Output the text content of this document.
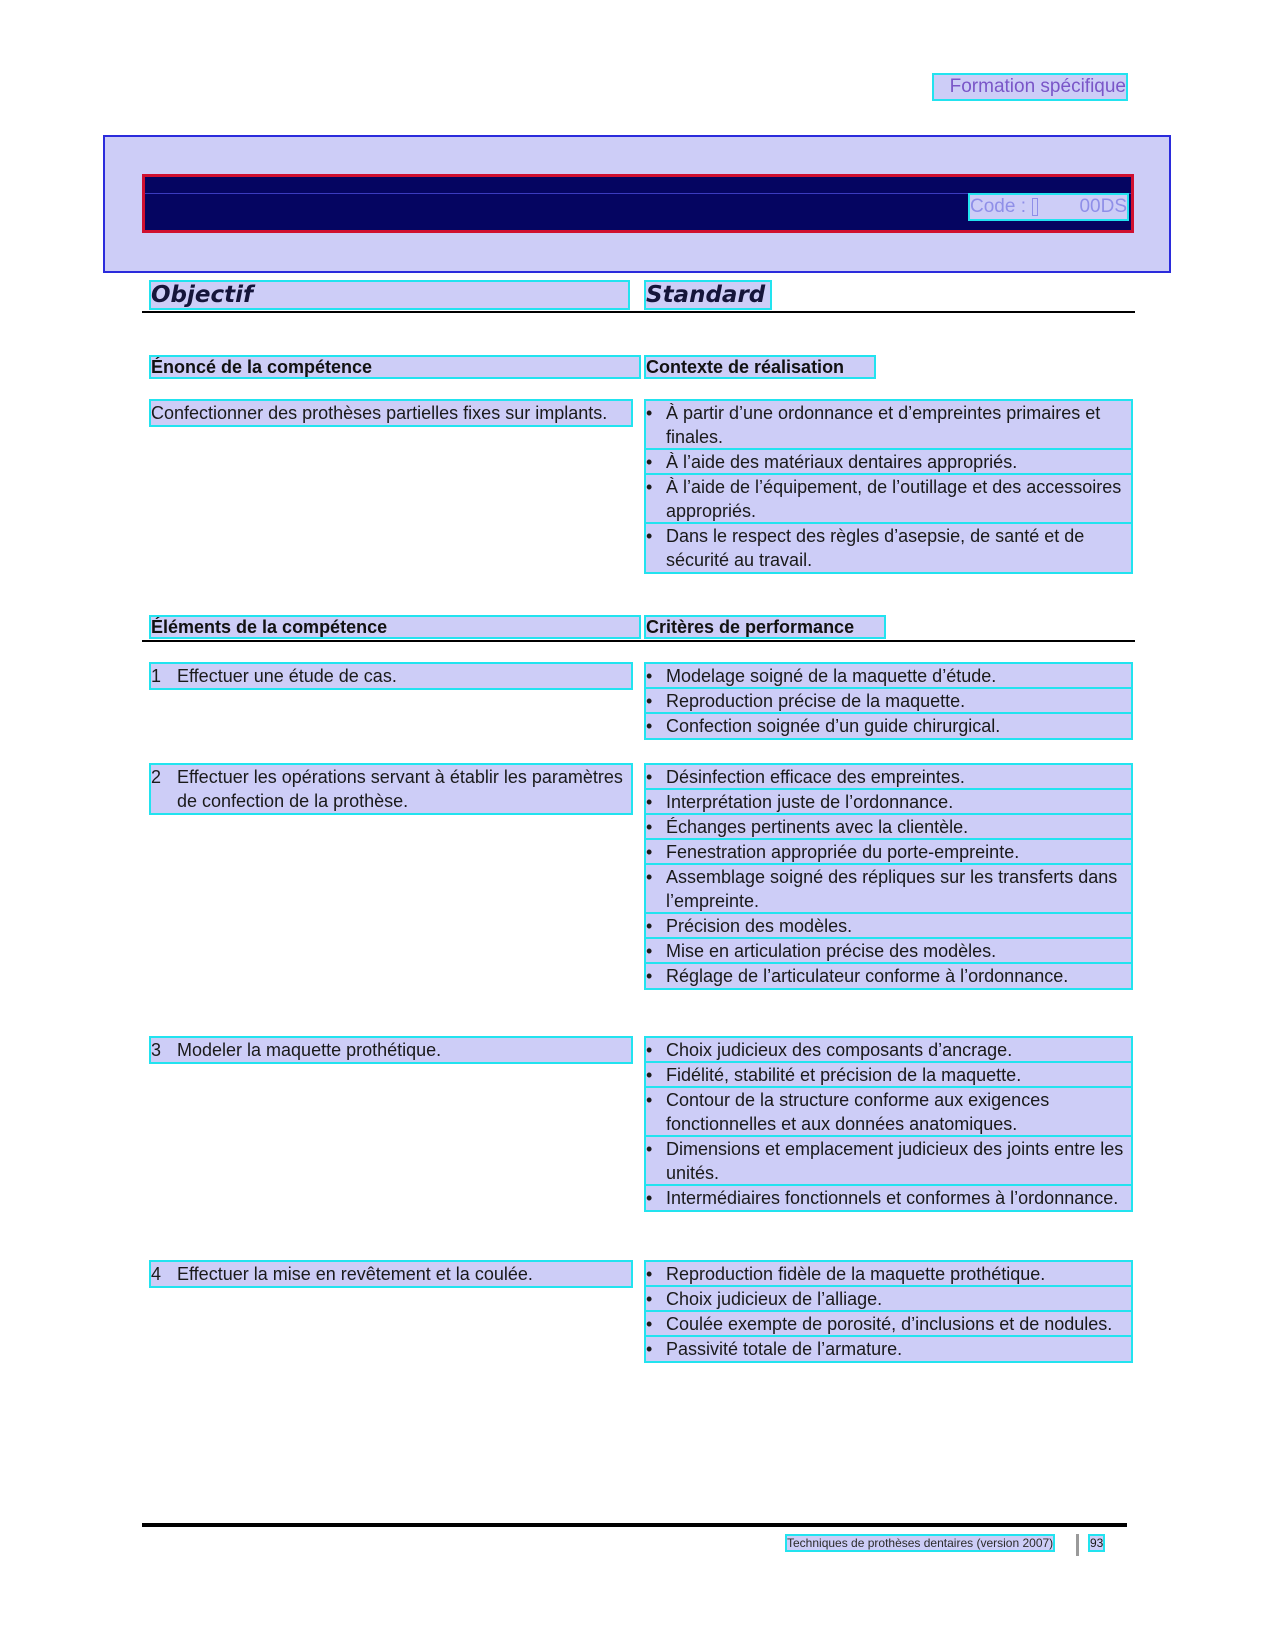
Formation spécifique
Code :	00DS
Objectif	Standard
Énoncé de la compétence	Contexte de réalisation
Confectionner des prothèses partielles fixes sur implants.	• À partir d’une ordonnance et d’empreintes primaires et finales.
• À l’aide des matériaux dentaires appropriés.
• À l’aide de l’équipement, de l’outillage et des accessoires appropriés.
• Dans le respect des règles d’asepsie, de santé et de sécurité au travail.
Éléments de la compétence	Critères de performance
1 Effectuer une étude de cas.	• Modelage soigné de la maquette d’étude.
• Reproduction précise de la maquette.
• Confection soignée d’un guide chirurgical.
2 Effectuer les opérations servant à établir les paramètres de confection de la prothèse.
• Désinfection efficace des empreintes.
• Interprétation juste de l’ordonnance.
• Échanges pertinents avec la clientèle.
• Fenestration appropriée du porte-empreinte.
• Assemblage soigné des répliques sur les transferts dans l’empreinte.
• Précision des modèles.
• Mise en articulation précise des modèles.
• Réglage de l’articulateur conforme à l’ordonnance.
3 Modeler la maquette prothétique.	• Choix judicieux des composants d’ancrage.
• Fidélité, stabilité et précision de la maquette.
• Contour de la structure conforme aux exigences fonctionnelles et aux données anatomiques.
• Dimensions et emplacement judicieux des joints entre les unités.
• Intermédiaires fonctionnels et conformes à l’ordonnance.
4 Effectuer la mise en revêtement et la coulée.	• Reproduction fidèle de la maquette prothétique.
• Choix judicieux de l’alliage.
• Coulée exempte de porosité, d’inclusions et de nodules.
• Passivité totale de l’armature.
Techniques de prothèses dentaires (version 2007)	93
